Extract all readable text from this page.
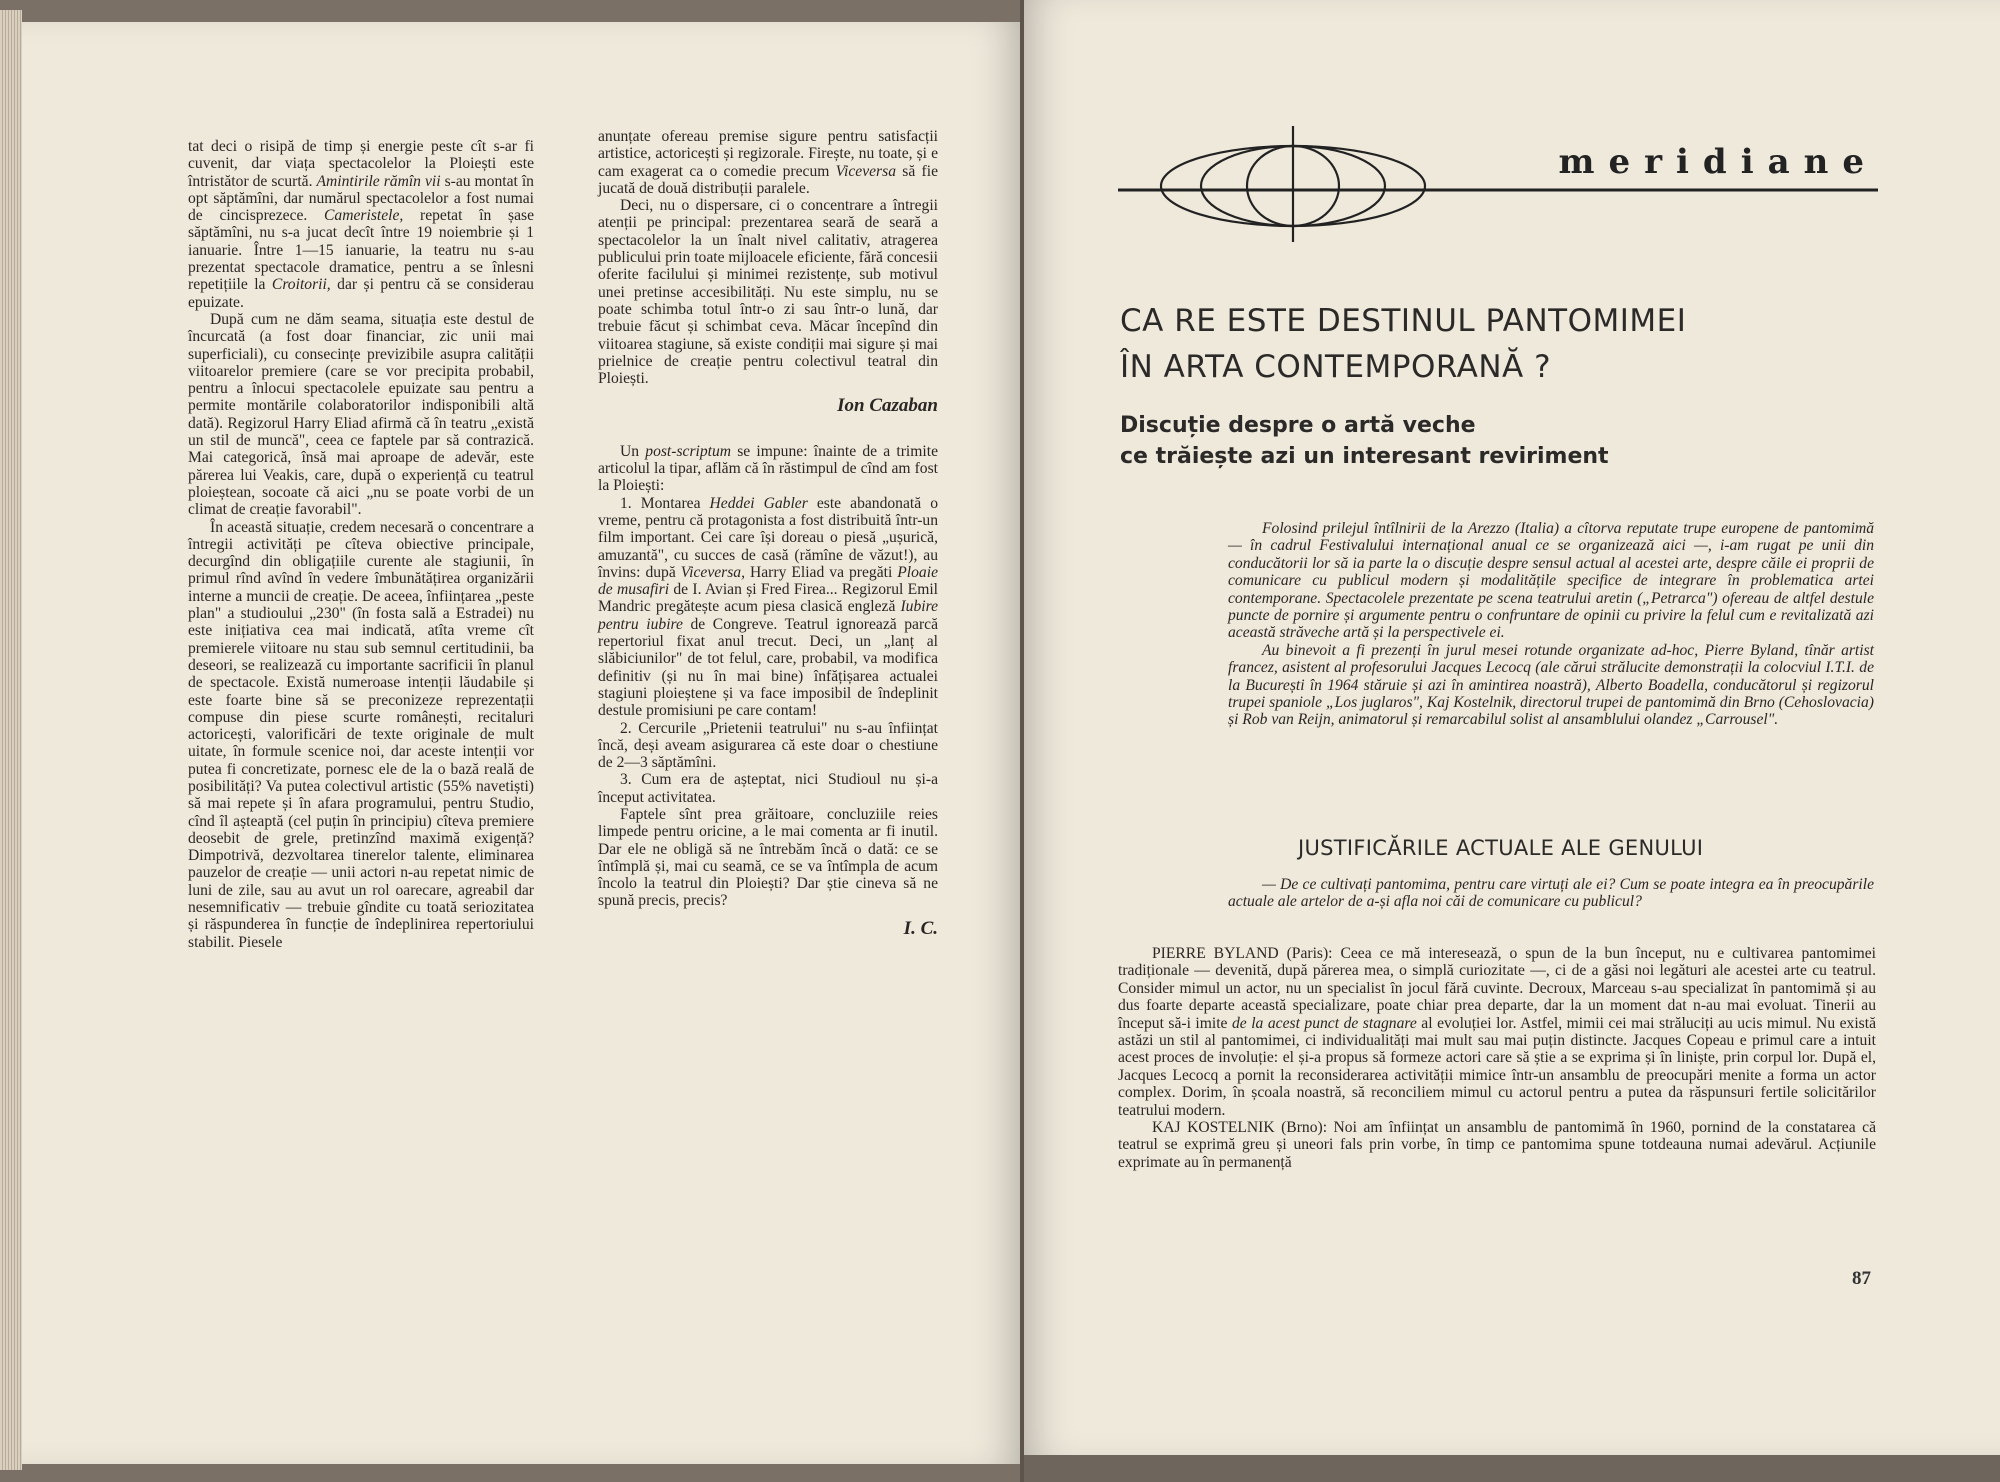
tat deci o risipă de timp și energie peste cît s-ar fi cuvenit, dar viața spectacolelor la Ploiești este întristător de scurtă. Amintirile rămîn vii s-au montat în opt săptămîni, dar numărul spectacolelor a fost numai de cincisprezece. Cameristele, repetat în șase săptămîni, nu s-a jucat decît între 19 noiembrie și 1 ianuarie. Între 1—15 ianuarie, la teatru nu s-au prezentat spectacole dramatice, pentru a se înlesni repetițiile la Croitorii, dar și pentru că se considerau epuizate.

După cum ne dăm seama, situația este destul de încurcată (a fost doar financiar, zic unii mai superficiali), cu consecințe previzibile asupra calității viitoarelor premiere (care se vor precipita probabil, pentru a înlocui spectacolele epuizate sau pentru a permite montările colaboratorilor indisponibili altă dată). Regizorul Harry Eliad afirmă că în teatru „există un stil de muncă", ceea ce faptele par să contrazică. Mai categorică, însă mai aproape de adevăr, este părerea lui Veakis, care, după o experiență cu teatrul ploieștean, socoate că aici „nu se poate vorbi de un climat de creație favorabil".

În această situație, credem necesară o concentrare a întregii activități pe cîteva obiective principale, decurgînd din obligațiile curente ale stagiunii, în primul rînd avînd în vedere îmbunătățirea organizării interne a muncii de creație. De aceea, înființarea „peste plan" a studioului „230" (în fosta sală a Estradei) nu este inițiativa cea mai indicată, atîta vreme cît premierele viitoare nu stau sub semnul certitudinii, ba deseori, se realizează cu importante sacrificii în planul de spectacole. Există numeroase intenții lăudabile și este foarte bine să se preconizeze reprezentații compuse din piese scurte românești, recitaluri actoricești, valorificări de texte originale de mult uitate, în formule scenice noi, dar aceste intenții vor putea fi concretizate, pornesc ele de la o bază reală de posibilități? Va putea colectivul artistic (55% navetiști) să mai repete și în afara programului, pentru Studio, cînd îl așteaptă (cel puțin în principiu) cîteva premiere deosebit de grele, pretinzînd maximă exigență? Dimpotrivă, dezvoltarea tinerelor talente, eliminarea pauzelor de creație — unii actori n-au repetat nimic de luni de zile, sau au avut un rol oarecare, agreabil dar nesemnificativ — trebuie gîndite cu toată seriozitatea și răspunderea în funcție de îndeplinirea repertoriului stabilit. Piesele

anunțate ofereau premise sigure pentru satisfacții artistice, actoricești și regizorale. Firește, nu toate, și e cam exagerat ca o comedie precum Viceversa să fie jucată de două distribuții paralele.

Deci, nu o dispersare, ci o concentrare a întregii atenții pe principal: prezentarea seară de seară a spectacolelor la un înalt nivel calitativ, atragerea publicului prin toate mijloacele eficiente, fără concesii oferite facilului și minimei rezistențe, sub motivul unei pretinse accesibilități. Nu este simplu, nu se poate schimba totul într-o zi sau într-o lună, dar trebuie făcut și schimbat ceva. Măcar începînd din viitoarea stagiune, să existe condiții mai sigure și mai prielnice de creație pentru colectivul teatral din Ploiești.

Ion Cazaban

Un post-scriptum se impune: înainte de a trimite articolul la tipar, aflăm că în răstimpul de cînd am fost la Ploiești:

1. Montarea Heddei Gabler este abandonată o vreme, pentru că protagonista a fost distribuită într-un film important. Cei care își doreau o piesă „ușurică, amuzantă", cu succes de casă (rămîne de văzut!), au învins: după Viceversa, Harry Eliad va pregăti Ploaie de musafiri de I. Avian și Fred Firea... Regizorul Emil Mandric pregătește acum piesa clasică engleză Iubire pentru iubire de Congreve. Teatrul ignorează parcă repertoriul fixat anul trecut. Deci, un „lanț al slăbiciunilor" de tot felul, care, probabil, va modifica definitiv (și nu în mai bine) înfățișarea actualei stagiuni ploieștene și va face imposibil de îndeplinit destule promisiuni pe care contam!

2. Cercurile „Prietenii teatrului" nu s-au înființat încă, deși aveam asigurarea că este doar o chestiune de 2—3 săptămîni.

3. Cum era de așteptat, nici Studioul nu și-a început activitatea.

Faptele sînt prea grăitoare, concluziile reies limpede pentru oricine, a le mai comenta ar fi inutil. Dar ele ne obligă să ne întrebăm încă o dată: ce se întîmplă și, mai cu seamă, ce se va întîmpla de acum încolo la teatrul din Ploiești? Dar știe cineva să ne spună precis, precis?

I. C.
meridiane
CA RE ESTE DESTINUL PANTOMIMEI
ÎN ARTA CONTEMPORANĂ ?
Discuție despre o artă veche
ce trăiește azi un interesant reviriment

Folosind prilejul întîlnirii de la Arezzo (Italia) a cîtorva reputate trupe europene de pantomimă — în cadrul Festivalului internațional anual ce se organizează aici —, i-am rugat pe unii din conducătorii lor să ia parte la o discuție despre sensul actual al acestei arte, despre căile ei proprii de comunicare cu publicul modern și modalitățile specifice de integrare în problematica artei contemporane. Spectacolele prezentate pe scena teatrului aretin („Petrarca") ofereau de altfel destule puncte de pornire și argumente pentru o confruntare de opinii cu privire la felul cum e revitalizată azi această străveche artă și la perspectivele ei.

Au binevoit a fi prezenți în jurul mesei rotunde organizate ad-hoc, Pierre Byland, tînăr artist francez, asistent al profesorului Jacques Lecocq (ale cărui strălucite demonstrații la colocviul I.T.I. de la București în 1964 stăruie și azi în amintirea noastră), Alberto Boadella, conducătorul și regizorul trupei spaniole „Los juglaros", Kaj Kostelnik, directorul trupei de pantomimă din Brno (Cehoslovacia) și Rob van Reijn, animatorul și remarcabilul solist al ansamblului olandez „Carrousel".

JUSTIFICĂRILE ACTUALE ALE GENULUI

— De ce cultivați pantomima, pentru care virtuți ale ei? Cum se poate integra ea în preocupările actuale ale artelor de a-și afla noi căi de comunicare cu publicul?

PIERRE BYLAND (Paris): Ceea ce mă interesează, o spun de la bun început, nu e cultivarea pantomimei tradiționale — devenită, după părerea mea, o simplă curiozitate —, ci de a găsi noi legături ale acestei arte cu teatrul. Consider mimul un actor, nu un specialist în jocul fără cuvinte. Decroux, Marceau s-au specializat în pantomimă și au dus foarte departe această specializare, poate chiar prea departe, dar la un moment dat n-au mai evoluat. Tinerii au început să-i imite de la acest punct de stagnare al evoluției lor. Astfel, mimii cei mai străluciți au ucis mimul. Nu există astăzi un stil al pantomimei, ci individualități mai mult sau mai puțin distincte. Jacques Copeau e primul care a intuit acest proces de involuție: el și-a propus să formeze actori care să știe a se exprima și în liniște, prin corpul lor. După el, Jacques Lecocq a pornit la reconsiderarea activității mimice într-un ansamblu de preocupări menite a forma un actor complex. Dorim, în școala noastră, să reconciliem mimul cu actorul pentru a putea da răspunsuri fertile solicitărilor teatrului modern.

KAJ KOSTELNIK (Brno): Noi am înființat un ansamblu de pantomimă în 1960, pornind de la constatarea că teatrul se exprimă greu și uneori fals prin vorbe, în timp ce pantomima spune totdeauna numai adevărul. Acțiunile exprimate au în permanență

87
